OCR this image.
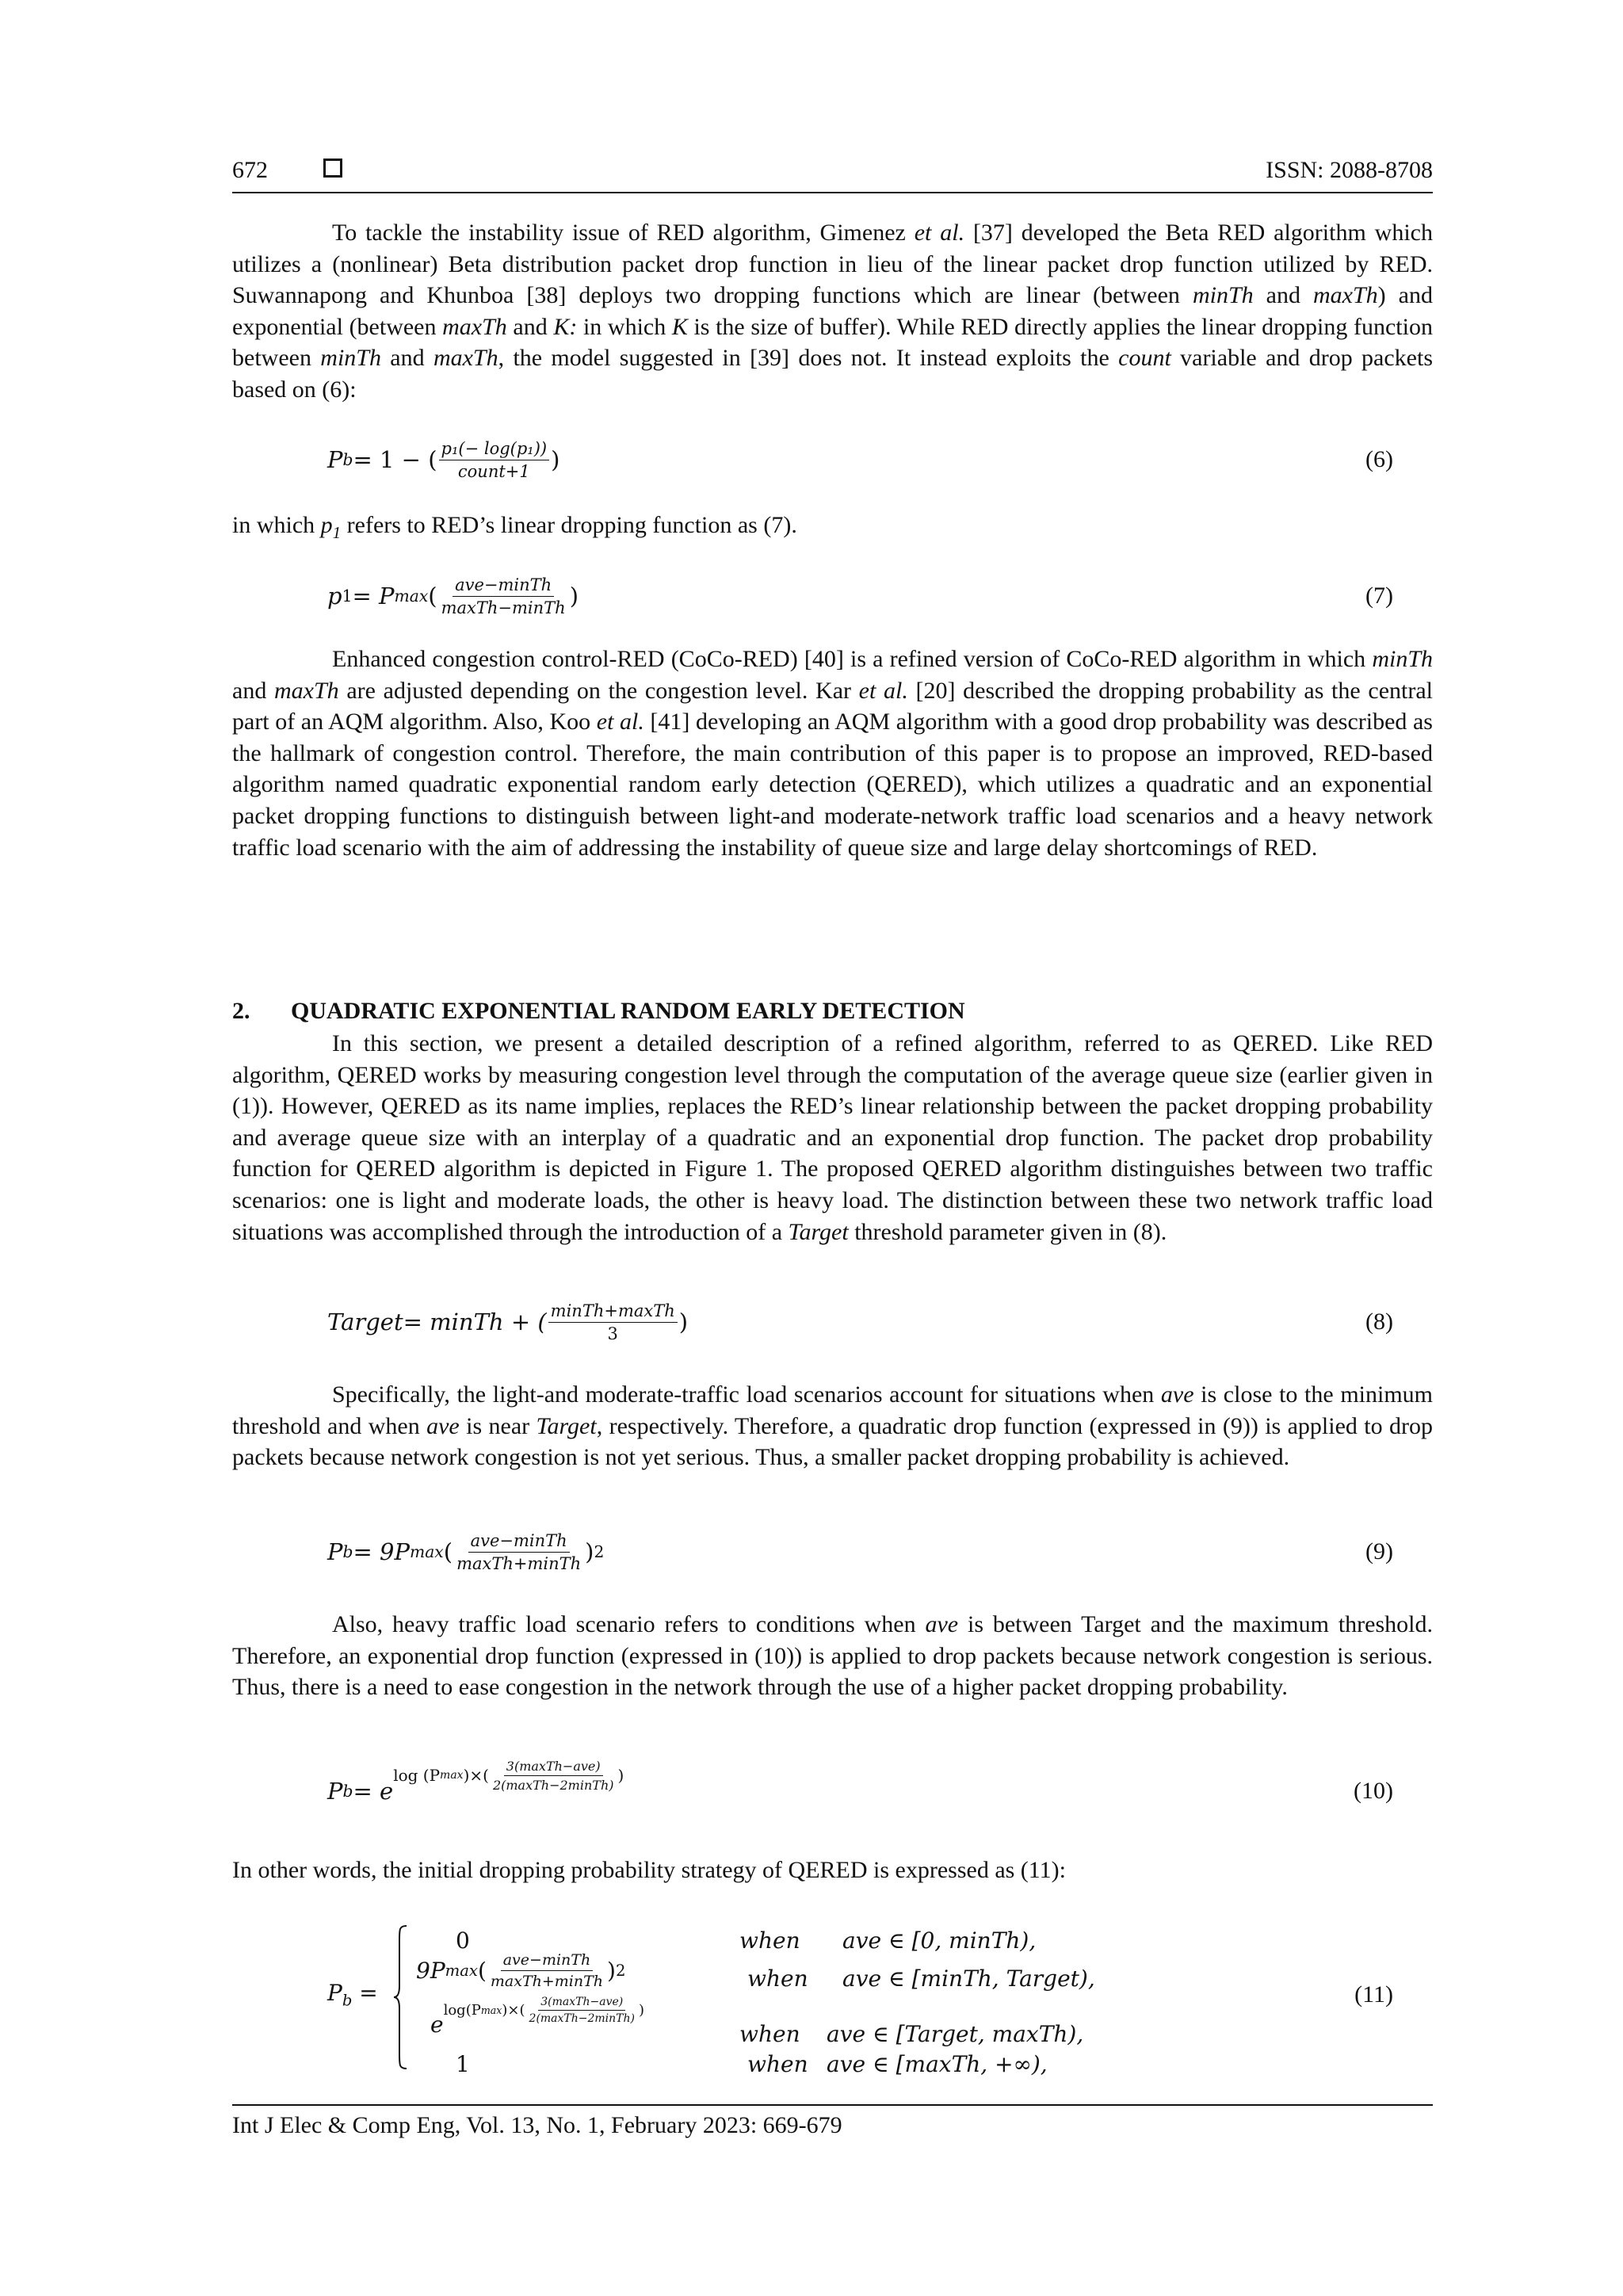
672	ISSN: 2088-8708

To tackle the instability issue of RED algorithm, Gimenez et al. [37] developed the Beta RED algorithm which utilizes a (nonlinear) Beta distribution packet drop function in lieu of the linear packet drop function utilized by RED. Suwannapong and Khunboa [38] deploys two dropping functions which are linear (between minTh and maxTh) and exponential (between maxTh and K: in which K is the size of buffer). While RED directly applies the linear dropping function between minTh and maxTh, the model suggested in [39] does not. It instead exploits the count variable and drop packets based on (6):

P b = 1 − ( $\frac{\text{p₁(− log(p₁))}}{\text{count+1}}$ )	(6)

in which $p_1$ refers to RED’s linear dropping function as (7).

p 1 = P max ( $\frac{\text{ave−minTh}}{\text{maxTh−minTh}}$ )	(7)

Enhanced congestion control-RED (CoCo-RED) [40] is a refined version of CoCo-RED algorithm in which minTh and maxTh are adjusted depending on the congestion level. Kar et al. [20] described the dropping probability as the central part of an AQM algorithm. Also, Koo et al. [41] developing an AQM algorithm with a good drop probability was described as the hallmark of congestion control. Therefore, the main contribution of this paper is to propose an improved, RED-based algorithm named quadratic exponential random early detection (QERED), which utilizes a quadratic and an exponential packet dropping functions to distinguish between light-and moderate-network traffic load scenarios and a heavy network traffic load scenario with the aim of addressing the instability of queue size and large delay shortcomings of RED.

2. QUADRATIC EXPONENTIAL RANDOM EARLY DETECTION

In this section, we present a detailed description of a refined algorithm, referred to as QERED. Like RED algorithm, QERED works by measuring congestion level through the computation of the average queue size (earlier given in (1)). However, QERED as its name implies, replaces the RED’s linear relationship between the packet dropping probability and average queue size with an interplay of a quadratic and an exponential drop function. The packet drop probability function for QERED algorithm is depicted in Figure 1. The proposed QERED algorithm distinguishes between two traffic scenarios: one is light and moderate loads, the other is heavy load. The distinction between these two network traffic load situations was accomplished through the introduction of a Target threshold parameter given in (8).

Target = minTh + ( $\frac{\text{minTh+maxTh}}{3}$ )	(8)

Specifically, the light-and moderate-traffic load scenarios account for situations when ave is close to the minimum threshold and when ave is near Target, respectively. Therefore, a quadratic drop function (expressed in (9)) is applied to drop packets because network congestion is not yet serious. Thus, a smaller packet dropping probability is achieved.

P b = 9P max ( $\frac{\text{ave−minTh}}{\text{maxTh+minTh}}$ ) 2	(9)

Also, heavy traffic load scenario refers to conditions when ave is between Target and the maximum threshold. Therefore, an exponential drop function (expressed in (10)) is applied to drop packets because network congestion is serious. Thus, there is a need to ease congestion in the network through the use of a higher packet dropping probability.

P b = e
log (P max )×( $\frac{\text{3(maxTh−ave)}}{\text{2(maxTh−2minTh)}}$ )
(10)

In other words, the initial dropping probability strategy of QERED is expressed as (11):

$P_b$ =
0	when ave ∈ [0, minTh),
9P max ( $\frac{\text{ave−minTh}}{\text{maxTh+minTh}}$ ) 2	when ave ∈ [minTh, Target),
e
log(P max )×( $\frac{\text{3(maxTh−ave)}}{\text{2(maxTh−2minTh)}}$ )
when ave ∈ [Target, maxTh),
1	when ave ∈ [maxTh, +∞),
(11)
Int J Elec & Comp Eng, Vol. 13, No. 1, February 2023: 669-679
